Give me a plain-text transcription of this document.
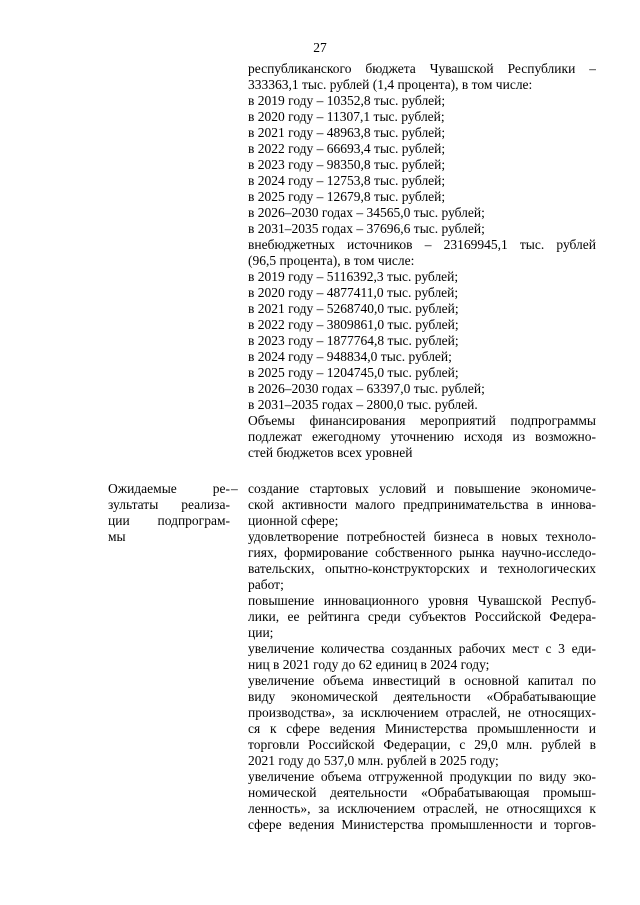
27
республиканского бюджета Чувашской Республики –
333363,1 тыс. рублей (1,4 процента), в том числе:
в 2019 году – 10352,8 тыс. рублей;
в 2020 году – 11307,1 тыс. рублей;
в 2021 году – 48963,8 тыс. рублей;
в 2022 году – 66693,4 тыс. рублей;
в 2023 году – 98350,8 тыс. рублей;
в 2024 году – 12753,8 тыс. рублей;
в 2025 году – 12679,8 тыс. рублей;
в 2026–2030 годах – 34565,0 тыс. рублей;
в 2031–2035 годах – 37696,6 тыс. рублей;
внебюджетных источников – 23169945,1 тыс. рублей
(96,5 процента), в том числе:
в 2019 году – 5116392,3 тыс. рублей;
в 2020 году – 4877411,0 тыс. рублей;
в 2021 году – 5268740,0 тыс. рублей;
в 2022 году – 3809861,0 тыс. рублей;
в 2023 году – 1877764,8 тыс. рублей;
в 2024 году – 948834,0 тыс. рублей;
в 2025 году – 1204745,0 тыс. рублей;
в 2026–2030 годах – 63397,0 тыс. рублей;
в 2031–2035 годах – 2800,0 тыс. рублей.
Объемы финансирования мероприятий подпрограммы
подлежат ежегодному уточнению исходя из возможно-
стей бюджетов всех уровней
Ожидаемые ре-
зультаты реализа-
ции подпрограм-
мы
– создание стартовых условий и повышение экономиче-
ской активности малого предпринимательства в иннова-
ционной сфере;
удовлетворение потребностей бизнеса в новых техноло-
гиях, формирование собственного рынка научно-исследо-
вательских, опытно-конструкторских и технологических
работ;
повышение инновационного уровня Чувашской Респуб-
лики, ее рейтинга среди субъектов Российской Федера-
ции;
увеличение количества созданных рабочих мест с 3 еди-
ниц в 2021 году до 62 единиц в 2024 году;
увеличение объема инвестиций в основной капитал по
виду экономической деятельности «Обрабатывающие
производства», за исключением отраслей, не относящих-
ся к сфере ведения Министерства промышленности и
торговли Российской Федерации, с 29,0 млн. рублей в
2021 году до 537,0 млн. рублей в 2025 году;
увеличение объема отгруженной продукции по виду эко-
номической деятельности «Обрабатывающая промыш-
ленность», за исключением отраслей, не относящихся к
сфере ведения Министерства промышленности и торгов-
